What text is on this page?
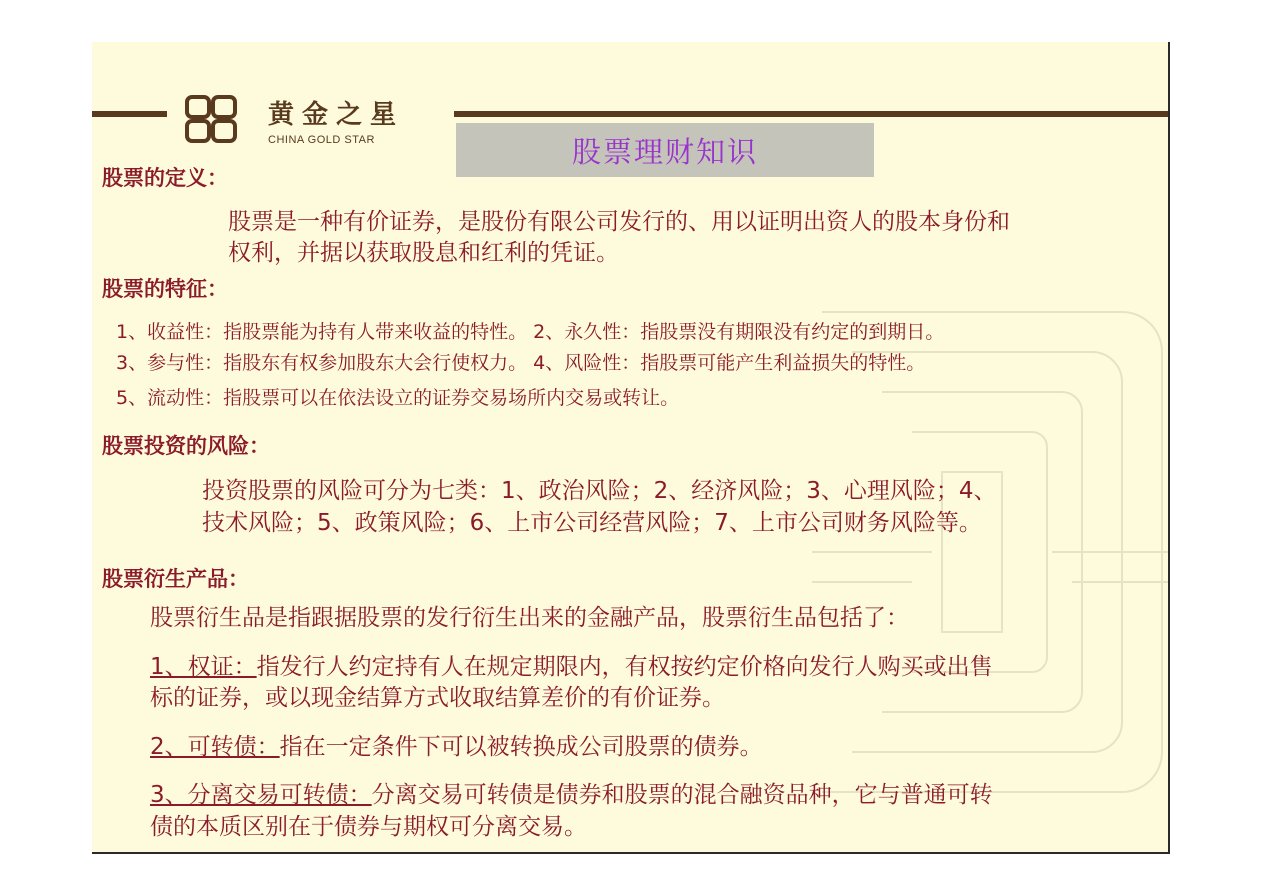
黄金之星
CHINA GOLD STAR	股票理财知识
股票的定义：
股票是一种有价证券，是股份有限公司发行的、用以证明出资人的股本身份和
权利，并据以获取股息和红利的凭证。
股票的特征：
1、收益性：指股票能为持有人带来收益的特性。 2、永久性：指股票没有期限没有约定的到期日。
3、参与性：指股东有权参加股东大会行使权力。 4、风险性：指股票可能产生利益损失的特性。
5、流动性：指股票可以在依法设立的证券交易场所内交易或转让。
股票投资的风险：
投资股票的风险可分为七类：1、政治风险；2、经济风险；3、心理风险；4、
技术风险；5、政策风险；6、上市公司经营风险；7、上市公司财务风险等。
股票衍生产品：
股票衍生品是指跟据股票的发行衍生出来的金融产品，股票衍生品包括了：
1、权证：指发行人约定持有人在规定期限内，有权按约定价格向发行人购买或出售
标的证券，或以现金结算方式收取结算差价的有价证券。
2、可转债：指在一定条件下可以被转换成公司股票的债券。
3、分离交易可转债：分离交易可转债是债券和股票的混合融资品种，它与普通可转
债的本质区别在于债券与期权可分离交易。
